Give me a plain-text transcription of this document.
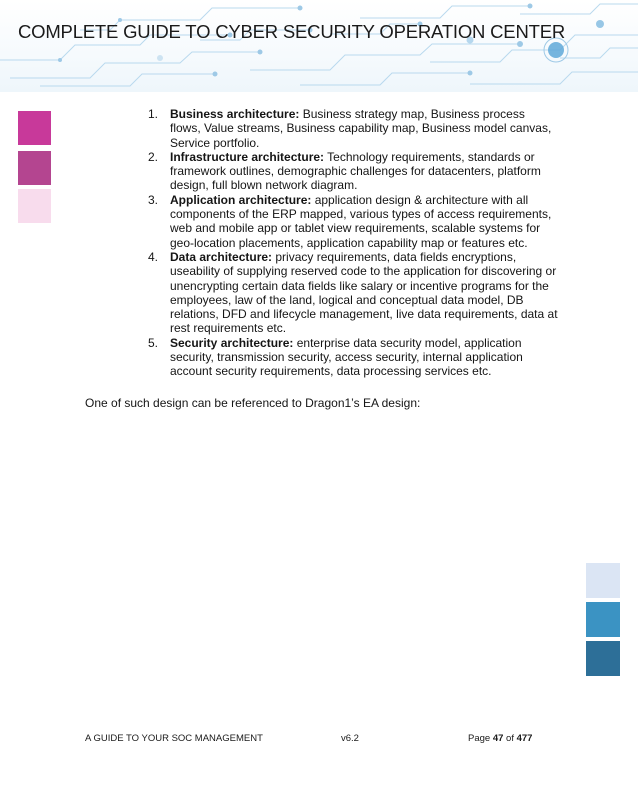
COMPLETE GUIDE TO CYBER SECURITY OPERATION CENTER
1. Business architecture: Business strategy map, Business process flows, Value streams, Business capability map, Business model canvas, Service portfolio.
2. Infrastructure architecture: Technology requirements, standards or framework outlines, demographic challenges for datacenters, platform design, full blown network diagram.
3. Application architecture: application design & architecture with all components of the ERP mapped, various types of access requirements, web and mobile app or tablet view requirements, scalable systems for geo-location placements, application capability map or features etc.
4. Data architecture: privacy requirements, data fields encryptions, useability of supplying reserved code to the application for discovering or unencrypting certain data fields like salary or incentive programs for the employees, law of the land, logical and conceptual data model, DB relations, DFD and lifecycle management, live data requirements, data at rest requirements etc.
5. Security architecture: enterprise data security model, application security, transmission security, access security, internal application account security requirements, data processing services etc.

One of such design can be referenced to Dragon1’s EA design:

A GUIDE TO YOUR SOC MANAGEMENT	v6.2	Page 47 of 477
